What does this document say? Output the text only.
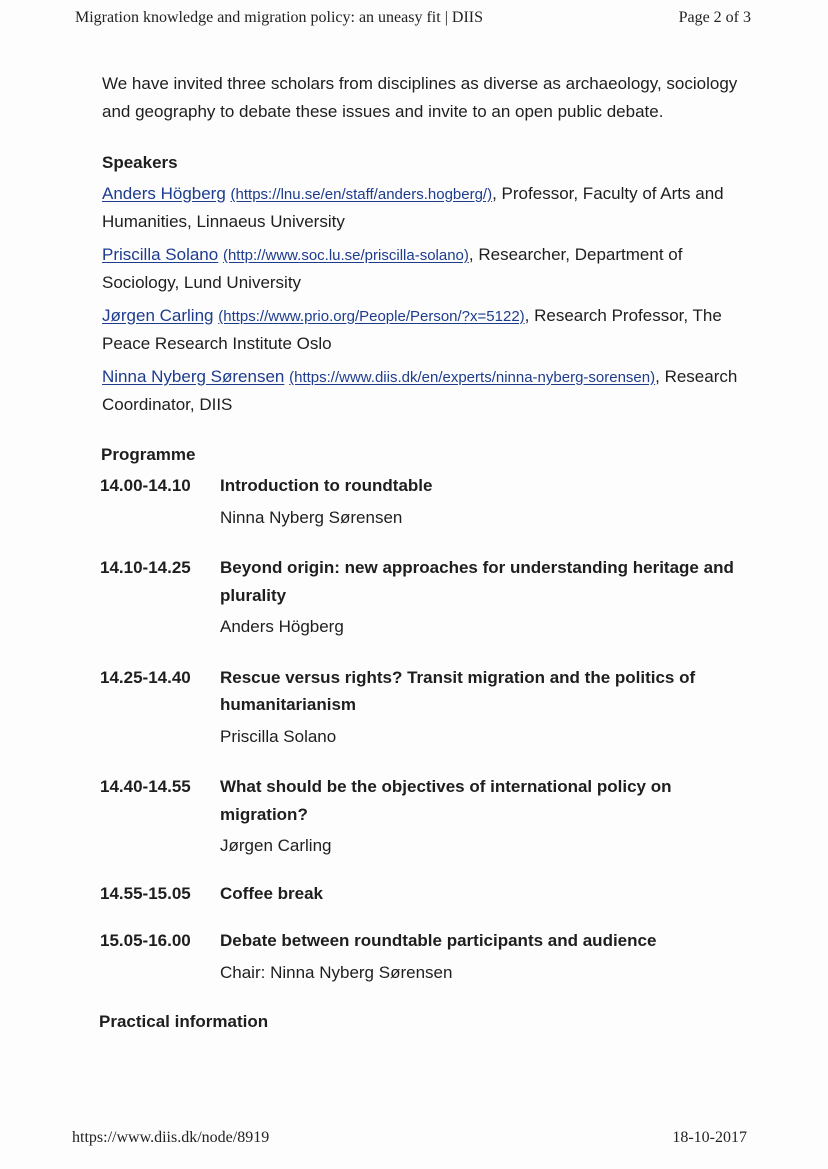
Migration knowledge and migration policy: an uneasy fit | DIIS	Page 2 of 3

We have invited three scholars from disciplines as diverse as archaeology, sociology and geography to debate these issues and invite to an open public debate.

Speakers

Anders Högberg (https://lnu.se/en/staff/anders.hogberg/), Professor, Faculty of Arts and Humanities, Linnaeus University

Priscilla Solano (http://www.soc.lu.se/priscilla-solano), Researcher, Department of Sociology, Lund University

Jørgen Carling (https://www.prio.org/People/Person/?x=5122), Research Professor, The Peace Research Institute Oslo

Ninna Nyberg Sørensen (https://www.diis.dk/en/experts/ninna-nyberg-sorensen), Research Coordinator, DIIS

Programme

14.00-14.10	Introduction to roundtable
Ninna Nyberg Sørensen
14.10-14.25	Beyond origin: new approaches for understanding heritage and plurality
Anders Högberg
14.25-14.40	Rescue versus rights? Transit migration and the politics of humanitarianism
Priscilla Solano
14.40-14.55	What should be the objectives of international policy on migration?
Jørgen Carling
14.55-15.05	Coffee break
15.05-16.00	Debate between roundtable participants and audience
Chair: Ninna Nyberg Sørensen

Practical information

https://www.diis.dk/node/8919	18-10-2017
